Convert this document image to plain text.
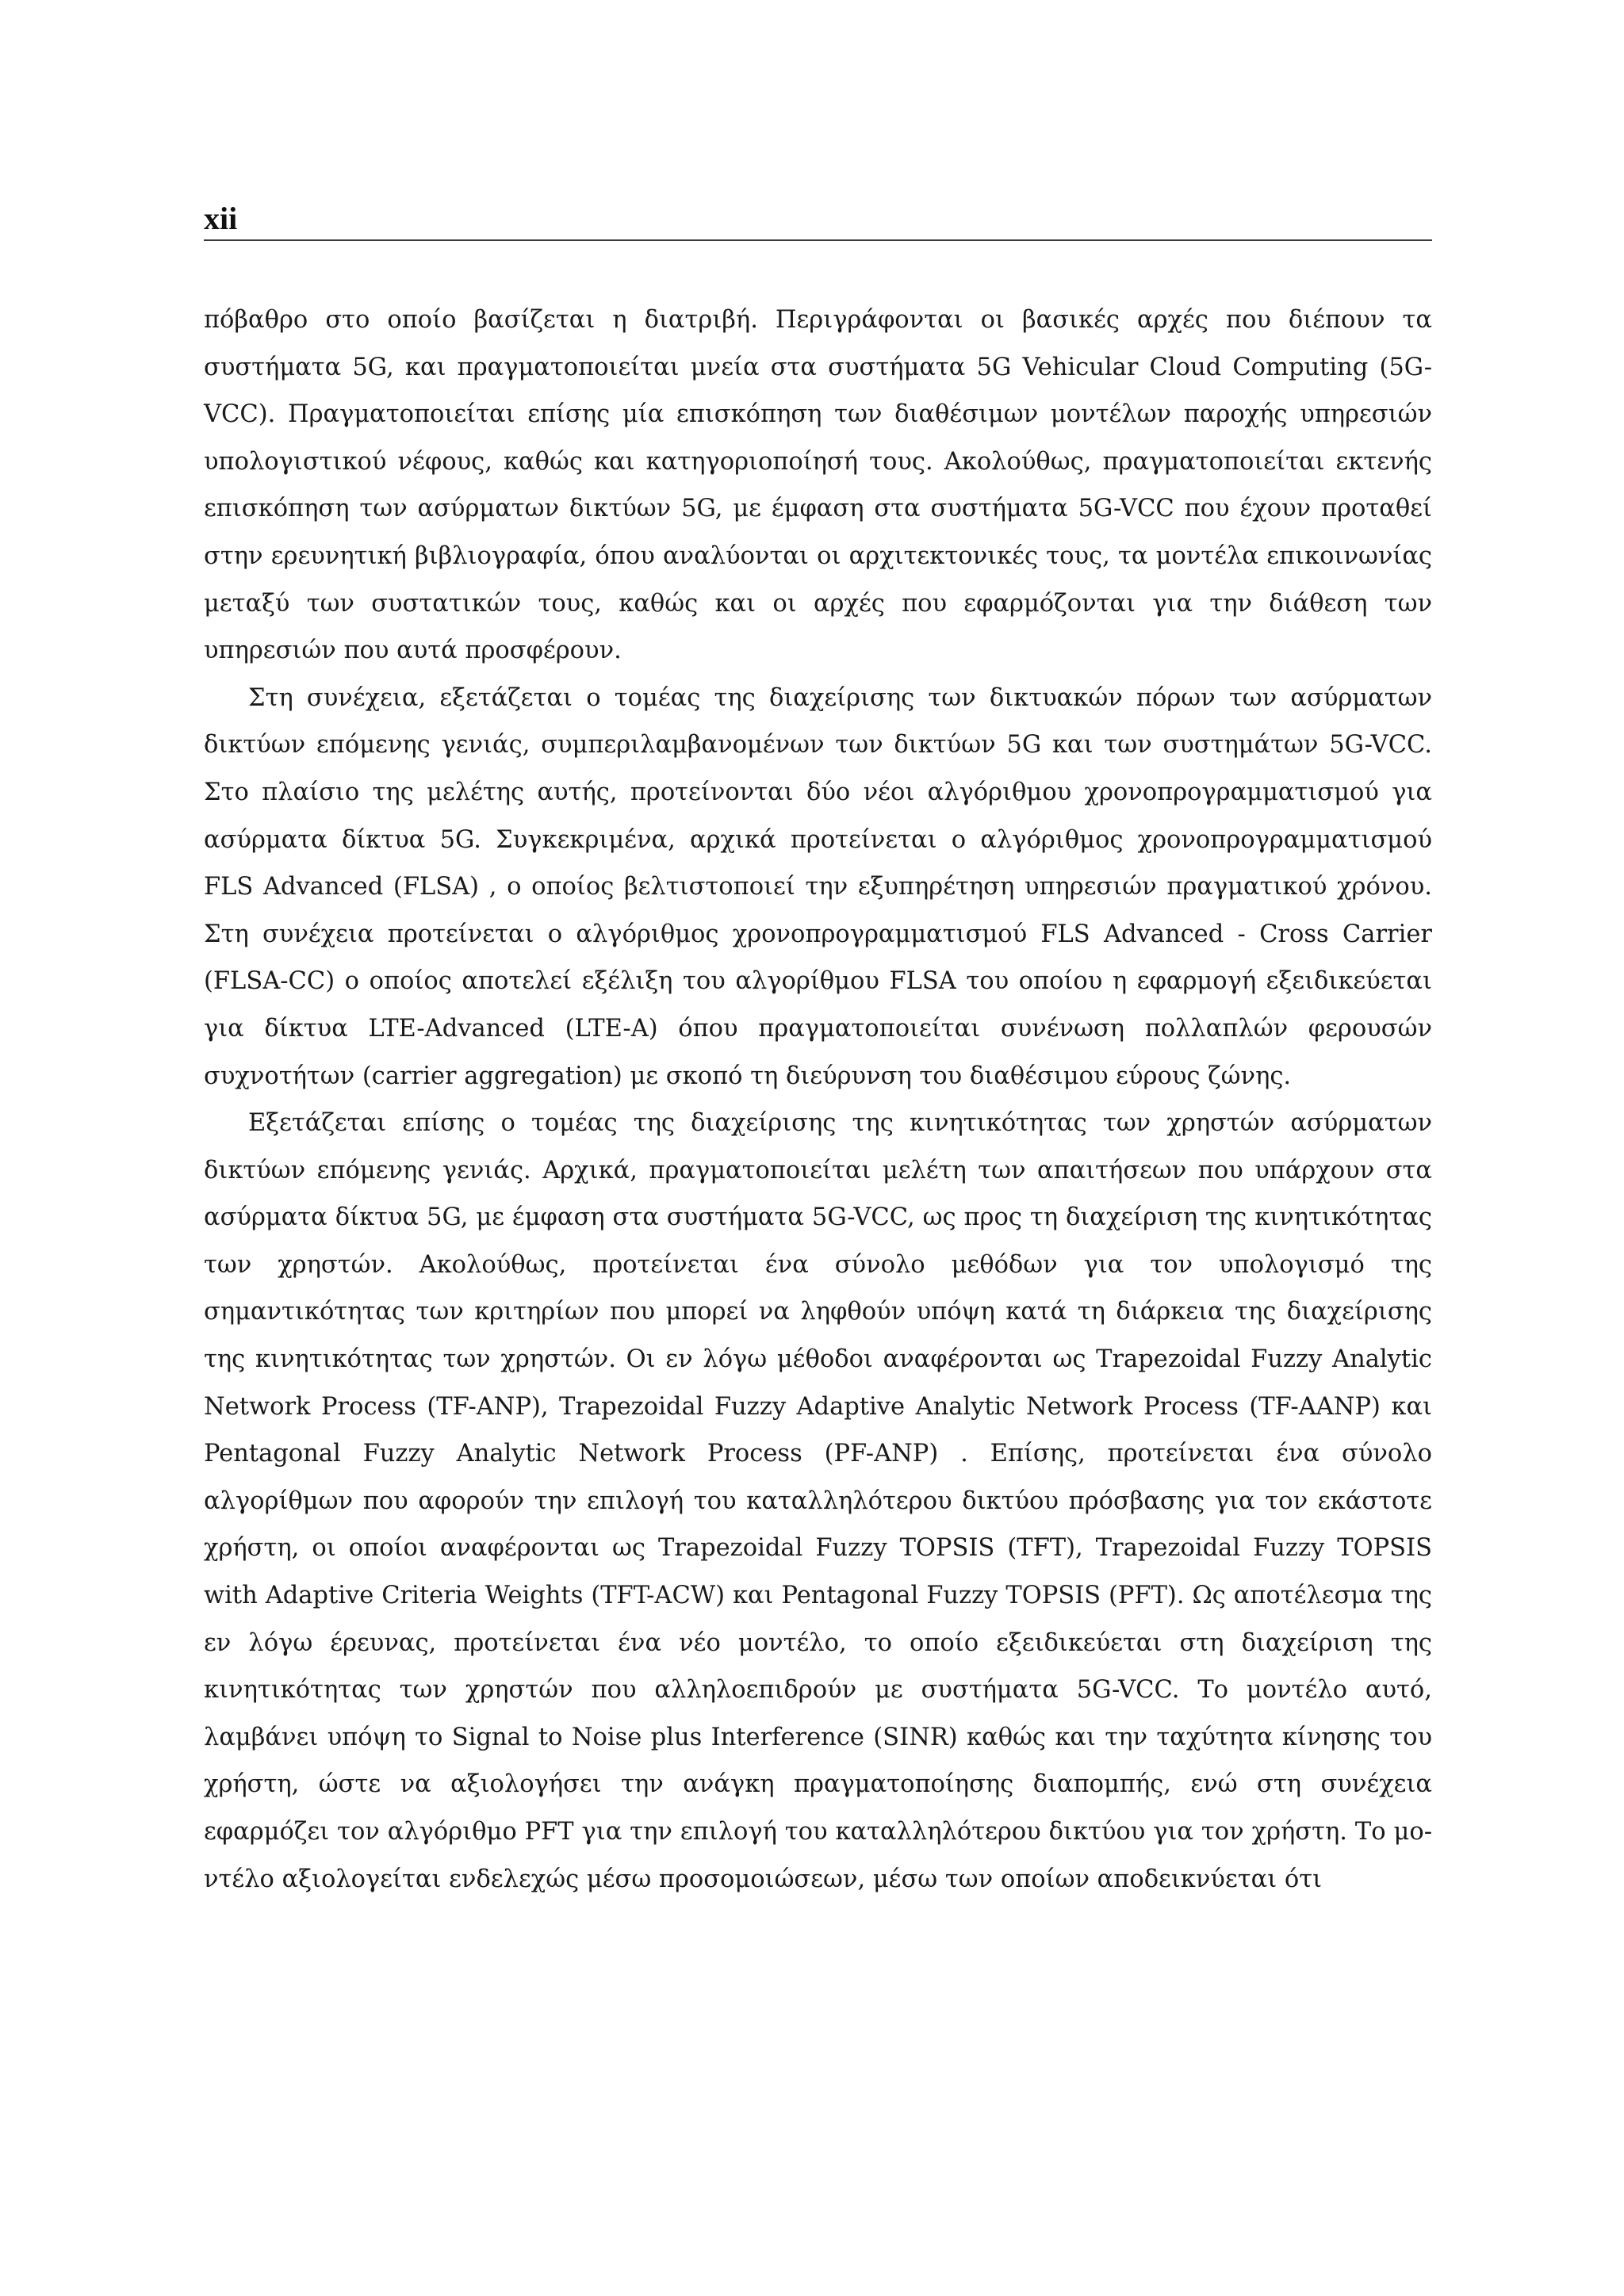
xii

πόβαθρο στο οποίο βασίζεται η διατριβή. Περιγράφονται οι βασικές αρχές που διέπουν τα συστήματα 5G, και πραγματοποιείται μνεία στα συστήματα 5G Vehicular Cloud Computing (5G-VCC). Πραγματοποιείται επίσης μία επισκόπηση των διαθέσιμων μοντέλων παροχής υπηρεσιών υπολογιστικού νέφους, καθώς και κατηγοριοποίησή τους. Ακολούθως, πραγματοποιείται εκτενής επισκόπηση των ασύρματων δικτύων 5G, με έμφαση στα συστήματα 5G-VCC που έχουν προταθεί στην ερευνητική βιβλιογραφία, όπου αναλύονται οι αρχιτεκτονικές τους, τα μοντέλα επικοινωνίας μεταξύ των συστατικών τους, καθώς και οι αρχές που εφαρμόζονται για την διάθεση των υπηρεσιών που αυτά προσφέρουν.

Στη συνέχεια, εξετάζεται ο τομέας της διαχείρισης των δικτυακών πόρων των ασύρματων δικτύων επόμενης γενιάς, συμπεριλαμβανομένων των δικτύων 5G και των συστημάτων 5G-VCC. Στο πλαίσιο της μελέτης αυτής, προτείνονται δύο νέοι αλγόριθμου χρονοπρογραμματισμού για ασύρματα δίκτυα 5G. Συγκεκριμένα, αρχικά προτείνεται ο αλγόριθμος χρονοπρογραμματισμού FLS Advanced (FLSA) , ο οποίος βελτιστοποιεί την εξυπηρέτηση υπηρεσιών πραγματικού χρόνου. Στη συνέχεια προτείνεται ο αλγόριθμος χρονοπρογραμματισμού FLS Advanced - Cross Carrier (FLSA-CC) ο οποίος αποτελεί εξέλιξη του αλγορίθμου FLSA του οποίου η εφαρμογή εξειδικεύεται για δίκτυα LTE-Advanced (LTE-A) όπου πραγματοποιείται συνένωση πολλαπλών φερουσών συχνοτήτων (carrier aggregation) με σκοπό τη διεύρυνση του διαθέσιμου εύρους ζώνης.

Εξετάζεται επίσης ο τομέας της διαχείρισης της κινητικότητας των χρηστών ασύρματων δικτύων επόμενης γενιάς. Αρχικά, πραγματοποιείται μελέτη των απαιτήσεων που υπάρχουν στα ασύρματα δίκτυα 5G, με έμφαση στα συστήματα 5G-VCC, ως προς τη διαχείριση της κινητικότητας των χρηστών. Ακολούθως, προτείνεται ένα σύνολο μεθόδων για τον υπολογισμό της σημαντικότητας των κριτηρίων που μπορεί να ληφθούν υπόψη κατά τη διάρκεια της διαχείρισης της κινητικότητας των χρηστών. Οι εν λόγω μέθοδοι αναφέρονται ως Trapezoidal Fuzzy Analytic Network Process (TF-ANP), Trapezoidal Fuzzy Adaptive Analytic Network Process (TF-AANP) και Pentagonal Fuzzy Analytic Network Process (PF-ANP) . Επίσης, προτείνεται ένα σύνολο αλγορίθμων που αφορούν την επιλογή του καταλληλότερου δικτύου πρόσβασης για τον εκάστοτε χρήστη, οι οποίοι αναφέρονται ως Trapezoidal Fuzzy TOPSIS (TFT), Trapezoidal Fuzzy TOPSIS with Adaptive Criteria Weights (TFT-ACW) και Pentagonal Fuzzy TOPSIS (PFT). Ως αποτέλεσμα της εν λόγω έρευνας, προτείνεται ένα νέο μοντέλο, το οποίο εξειδικεύεται στη διαχείριση της κινητικότητας των χρηστών που αλληλοεπιδρούν με συστήματα 5G-VCC. Το μοντέλο αυτό, λαμβάνει υπόψη το Signal to Noise plus Interference (SINR) καθώς και την ταχύτητα κίνησης του χρήστη, ώστε να αξιολογήσει την ανάγκη πραγματοποίησης διαπομπής, ενώ στη συνέχεια εφαρμόζει τον αλγόριθμο PFT για την επιλογή του καταλληλότερου δικτύου για τον χρήστη. Το μοντέλο αξιολογείται ενδελεχώς μέσω προσομοιώσεων, μέσω των οποίων αποδεικνύεται ότι
